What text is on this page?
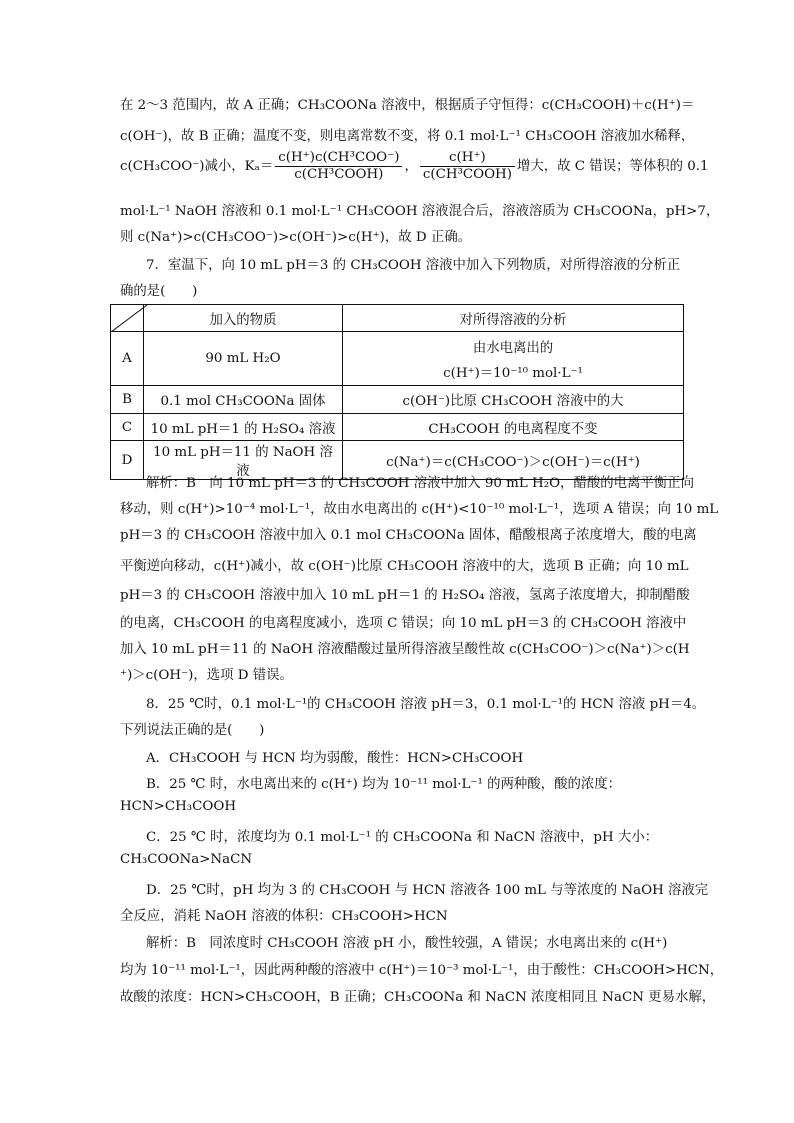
在 2～3 范围内，故 A 正确；CH₃COONa 溶液中，根据质子守恒得：c(CH₃COOH)＋c(H⁺)＝
c(OH⁻)，故 B 正确；温度不变，则电离常数不变，将 0.1 mol·L⁻¹ CH₃COOH 溶液加水稀释，
c(CH₃COO⁻)减小，$K_a= \frac{\text{c(H⁺)c(CH³COO⁻)}}{\text{c(CH³COOH)}}$ ， $\frac{c(H^+)}{\text{c(CH³COOH)}}$ 增大，故 C 错误；等体积的 0.1
mol·L⁻¹ NaOH 溶液和 0.1 mol·L⁻¹ CH₃COOH 溶液混合后，溶液溶质为 CH₃COONa，pH>7，
则 c(Na⁺)>c(CH₃COO⁻)>c(OH⁻)>c(H⁺)，故 D 正确。
7．室温下，向 10 mL pH＝3 的 CH₃COOH 溶液中加入下列物质，对所得溶液的分析正
确的是(　　)
	加入的物质	对所得溶液的分析
A	90 mL H₂O	由水电离出的
c(H⁺)＝10⁻¹⁰ mol·L⁻¹

B	0.1 mol CH₃COONa 固体	c(OH⁻)比原 CH₃COOH 溶液中的大
C	10 mL pH＝1 的 H₂SO₄ 溶液	CH₃COOH 的电离程度不变
D	10 mL pH＝11 的 NaOH 溶液	c(Na⁺)＝c(CH₃COO⁻)＞c(OH⁻)＝c(H⁺)
解析：B　向 10 mL pH＝3 的 CH₃COOH 溶液中加入 90 mL H₂O，醋酸的电离平衡正向
移动，则 c(H⁺)>10⁻⁴ mol·L⁻¹，故由水电离出的 c(H⁺)<10⁻¹⁰ mol·L⁻¹，选项 A 错误；向 10 mL
pH＝3 的 CH₃COOH 溶液中加入 0.1 mol CH₃COONa 固体，醋酸根离子浓度增大，酸的电离
平衡逆向移动，c(H⁺)减小，故 c(OH⁻)比原 CH₃COOH 溶液中的大，选项 B 正确；向 10 mL
pH＝3 的 CH₃COOH 溶液中加入 10 mL pH＝1 的 H₂SO₄ 溶液，氢离子浓度增大，抑制醋酸
的电离，CH₃COOH 的电离程度减小，选项 C 错误；向 10 mL pH＝3 的 CH₃COOH 溶液中
加入 10 mL pH＝11 的 NaOH 溶液醋酸过量所得溶液呈酸性故 c(CH₃COO⁻)＞c(Na⁺)＞c(H
⁺)＞c(OH⁻)，选项 D 错误。
8．25 ℃时，0.1 mol·L⁻¹的 CH₃COOH 溶液 pH＝3，0.1 mol·L⁻¹的 HCN 溶液 pH＝4。
下列说法正确的是(　　)
A．CH₃COOH 与 HCN 均为弱酸，酸性：HCN>CH₃COOH
B．25 ℃ 时，水电离出来的 c(H⁺) 均为 10⁻¹¹ mol·L⁻¹ 的两种酸，酸的浓度：
HCN>CH₃COOH
C．25 ℃ 时，浓度均为 0.1 mol·L⁻¹ 的 CH₃COONa 和 NaCN 溶液中，pH 大小：
CH₃COONa>NaCN
D．25 ℃时，pH 均为 3 的 CH₃COOH 与 HCN 溶液各 100 mL 与等浓度的 NaOH 溶液完
全反应，消耗 NaOH 溶液的体积：CH₃COOH>HCN
解析：B　同浓度时 CH₃COOH 溶液 pH 小，酸性较强，A 错误；水电离出来的 c(H⁺)
均为 10⁻¹¹ mol·L⁻¹，因此两种酸的溶液中 c(H⁺)＝10⁻³ mol·L⁻¹，由于酸性：CH₃COOH>HCN，
故酸的浓度：HCN>CH₃COOH，B 正确；CH₃COONa 和 NaCN 浓度相同且 NaCN 更易水解，
